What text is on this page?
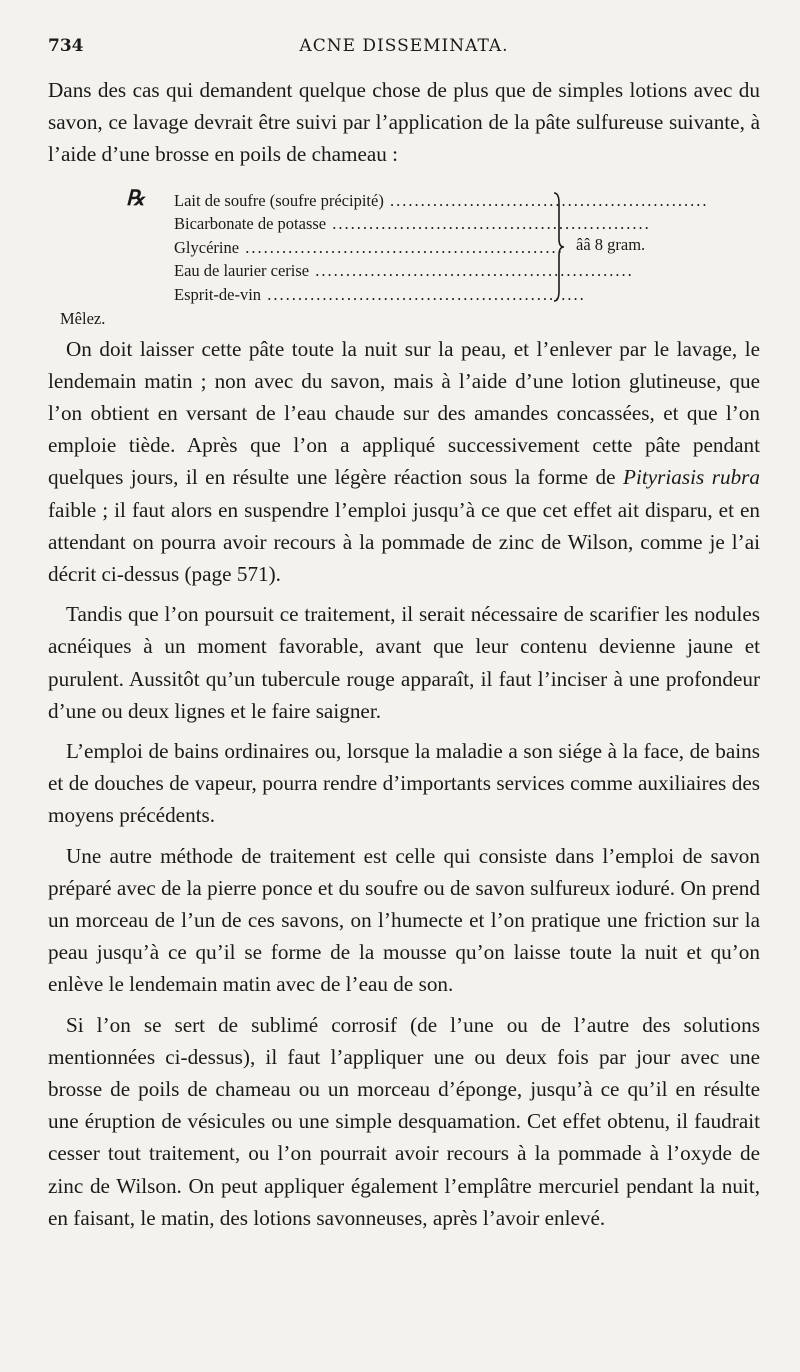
734	ACNE DISSEMINATA.

Dans des cas qui demandent quelque chose de plus que de simples lotions avec du savon, ce lavage devrait être suivi par l’application de la pâte sulfureuse suivante, à l’aide d’une brosse en poils de chameau :

℞ Lait de soufre (soufre précipité) ....................................................
Bicarbonate de potasse ....................................................
Glycérine ....................................................
Eau de laurier cerise ....................................................
Esprit-de-vin ....................................................
ââ 8 gram.
Mêlez.

On doit laisser cette pâte toute la nuit sur la peau, et l’enlever par le lavage, le lendemain matin ; non avec du savon, mais à l’aide d’une lotion glutineuse, que l’on obtient en versant de l’eau chaude sur des amandes concassées, et que l’on emploie tiède. Après que l’on a appliqué successivement cette pâte pendant quelques jours, il en résulte une légère réaction sous la forme de Pityriasis rubra faible ; il faut alors en suspendre l’emploi jusqu’à ce que cet effet ait disparu, et en attendant on pourra avoir recours à la pommade de zinc de Wilson, comme je l’ai décrit ci-dessus (page 571).

Tandis que l’on poursuit ce traitement, il serait nécessaire de scarifier les nodules acnéiques à un moment favorable, avant que leur contenu devienne jaune et purulent. Aussitôt qu’un tubercule rouge apparaît, il faut l’inciser à une profondeur d’une ou deux lignes et le faire saigner.

L’emploi de bains ordinaires ou, lorsque la maladie a son siége à la face, de bains et de douches de vapeur, pourra rendre d’importants services comme auxiliaires des moyens précédents.

Une autre méthode de traitement est celle qui consiste dans l’emploi de savon préparé avec de la pierre ponce et du soufre ou de savon sulfureux ioduré. On prend un morceau de l’un de ces savons, on l’humecte et l’on pratique une friction sur la peau jusqu’à ce qu’il se forme de la mousse qu’on laisse toute la nuit et qu’on enlève le lendemain matin avec de l’eau de son.

Si l’on se sert de sublimé corrosif (de l’une ou de l’autre des solutions mentionnées ci-dessus), il faut l’appliquer une ou deux fois par jour avec une brosse de poils de chameau ou un morceau d’éponge, jusqu’à ce qu’il en résulte une éruption de vésicules ou une simple desquamation. Cet effet obtenu, il faudrait cesser tout traitement, ou l’on pourrait avoir recours à la pommade à l’oxyde de zinc de Wilson. On peut appliquer également l’emplâtre mercuriel pendant la nuit, en faisant, le matin, des lotions savonneuses, après l’avoir enlevé.
